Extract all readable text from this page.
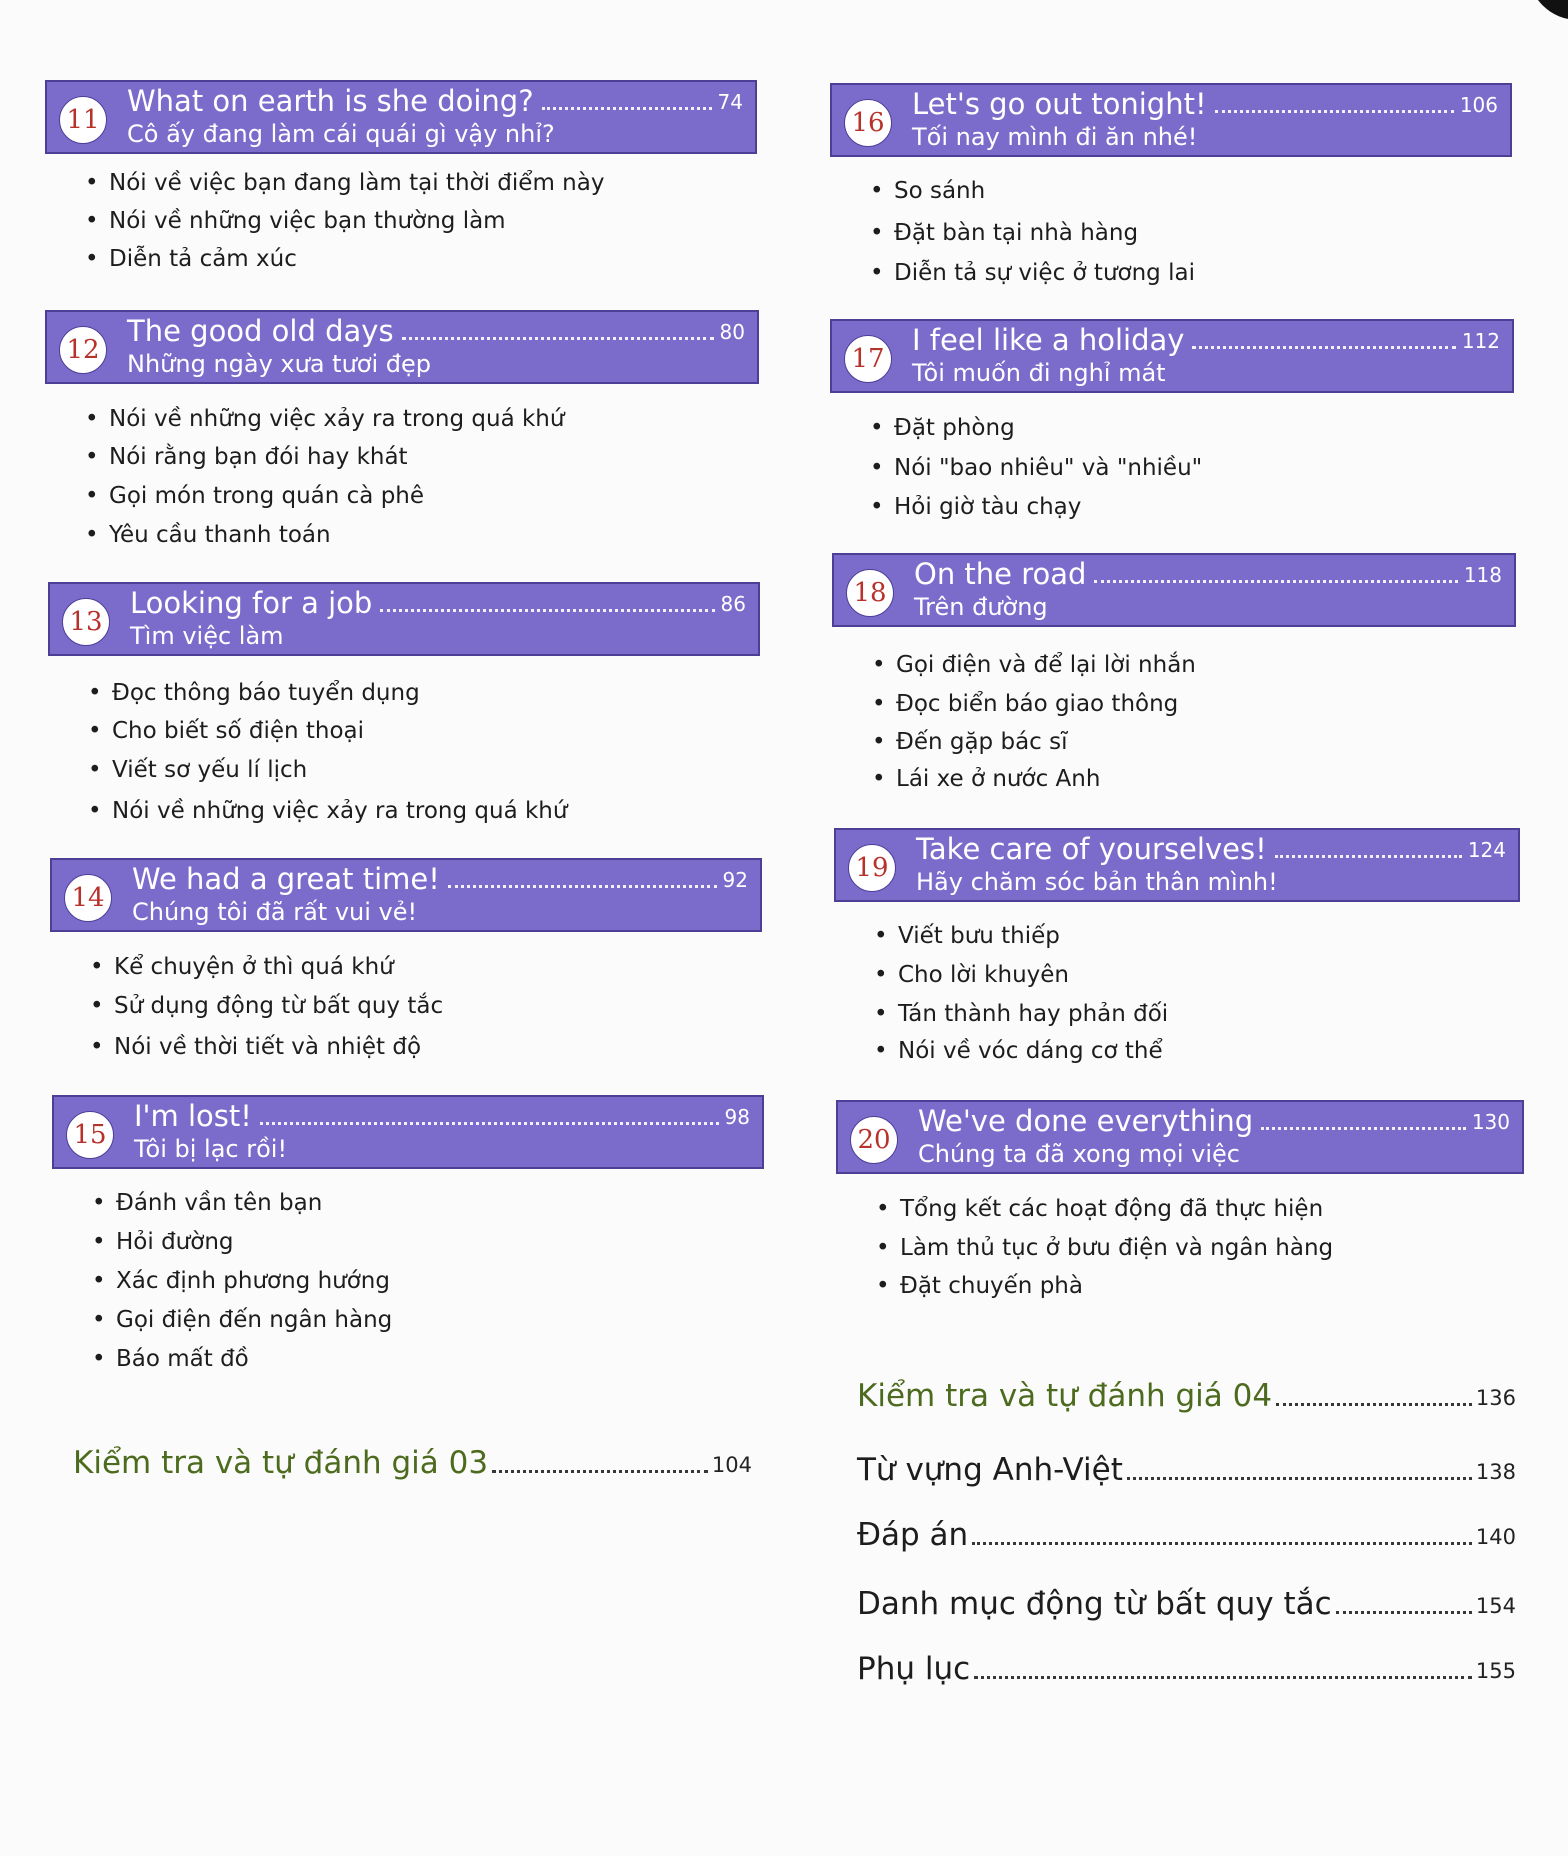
11
What on earth is she doing?	74
Cô ấy đang làm cái quái gì vậy nhỉ?
• Nói về việc bạn đang làm tại thời điểm này
• Nói về những việc bạn thường làm
• Diễn tả cảm xúc
12
The good old days	80
Những ngày xưa tươi đẹp
• Nói về những việc xảy ra trong quá khứ
• Nói rằng bạn đói hay khát
• Gọi món trong quán cà phê
• Yêu cầu thanh toán
13
Looking for a job	86
Tìm việc làm
• Đọc thông báo tuyển dụng
• Cho biết số điện thoại
• Viết sơ yếu lí lịch
• Nói về những việc xảy ra trong quá khứ
14
We had a great time!	92
Chúng tôi đã rất vui vẻ!
• Kể chuyện ở thì quá khứ
• Sử dụng động từ bất quy tắc
• Nói về thời tiết và nhiệt độ
15
I'm lost!	98
Tôi bị lạc rồi!
• Đánh vần tên bạn
• Hỏi đường
• Xác định phương hướng
• Gọi điện đến ngân hàng
• Báo mất đồ
16
Let's go out tonight!	106
Tối nay mình đi ăn nhé!
• So sánh
• Đặt bàn tại nhà hàng
• Diễn tả sự việc ở tương lai
17
I feel like a holiday	112
Tôi muốn đi nghỉ mát
• Đặt phòng
• Nói "bao nhiêu" và "nhiều"
• Hỏi giờ tàu chạy
18
On the road	118
Trên đường
• Gọi điện và để lại lời nhắn
• Đọc biển báo giao thông
• Đến gặp bác sĩ
• Lái xe ở nước Anh
19
Take care of yourselves!	124
Hãy chăm sóc bản thân mình!
• Viết bưu thiếp
• Cho lời khuyên
• Tán thành hay phản đối
• Nói về vóc dáng cơ thể
20
We've done everything	130
Chúng ta đã xong mọi việc
• Tổng kết các hoạt động đã thực hiện
• Làm thủ tục ở bưu điện và ngân hàng
• Đặt chuyến phà
Kiểm tra và tự đánh giá 03	104
Kiểm tra và tự đánh giá 04	136
Từ vựng Anh-Việt	138
Đáp án	140
Danh mục động từ bất quy tắc	154
Phụ lục	155
